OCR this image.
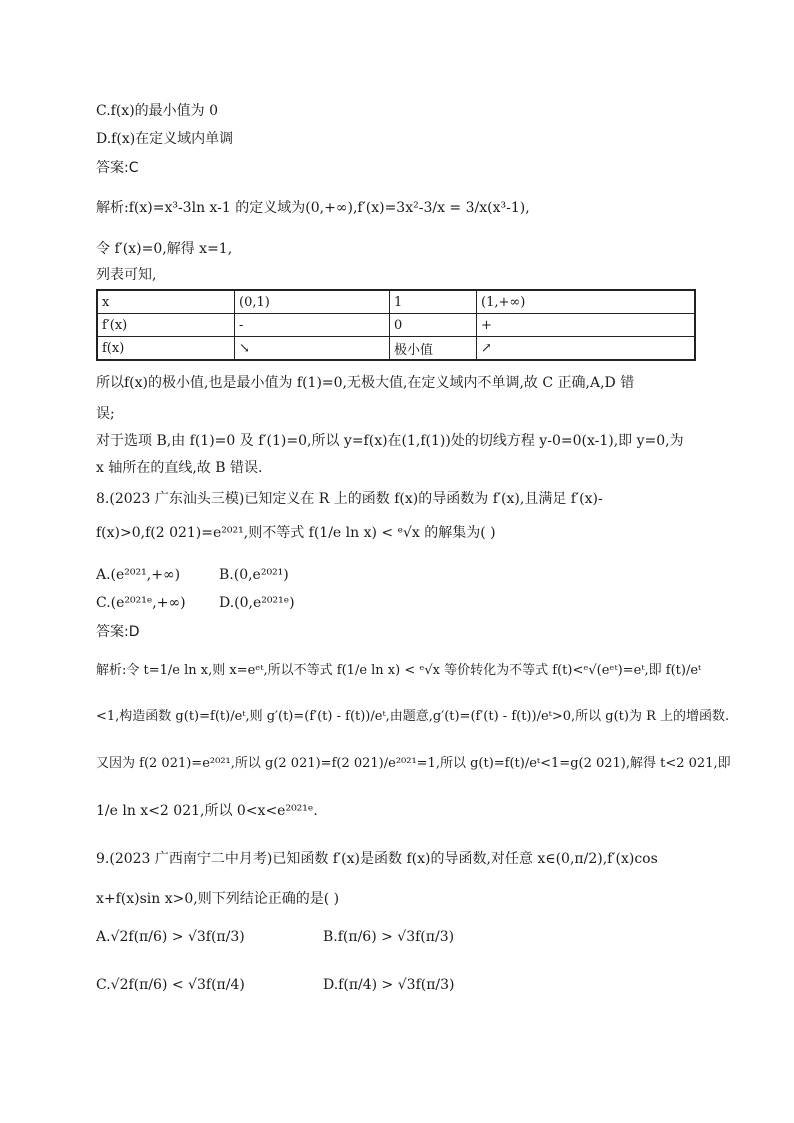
C.f(x)的最小值为 0
D.f(x)在定义域内单调
答案:C
解析:f(x)=x³-3ln x-1 的定义域为(0,+∞),f′(x)=3x²-3/x = 3/x(x³-1),
令 f′(x)=0,解得 x=1,
列表可知,
x	(0,1)	1	(1,+∞)
f′(x)	-	0	+
f(x)	↘	极小值	↗
所以f(x)的极小值,也是最小值为 f(1)=0,无极大值,在定义域内不单调,故 C 正确,A,D 错
误;
对于选项 B,由 f(1)=0 及 f′(1)=0,所以 y=f(x)在(1,f(1))处的切线方程 y-0=0(x-1),即 y=0,为
x 轴所在的直线,故 B 错误.
8.(2023 广东汕头三模)已知定义在 R 上的函数 f(x)的导函数为 f′(x),且满足 f′(x)-
f(x)>0,f(2 021)=e²⁰²¹,则不等式 f(1/e ln x) < ᵉ√x 的解集为( )
A.(e²⁰²¹,+∞)	B.(0,e²⁰²¹)
C.(e²⁰²¹ᵉ,+∞) D.(0,e²⁰²¹ᵉ)
答案:D
解析:令 t=1/e ln x,则 x=eᵉᵗ,所以不等式 f(1/e ln x) < ᵉ√x 等价转化为不等式 f(t)<ᵉ√(eᵉᵗ)=eᵗ,即 f(t)/eᵗ
<1,构造函数 g(t)=f(t)/eᵗ,则 g′(t)=(f′(t) - f(t))/eᵗ,由题意,g′(t)=(f′(t) - f(t))/eᵗ>0,所以 g(t)为 R 上的增函数.
又因为 f(2 021)=e²⁰²¹,所以 g(2 021)=f(2 021)/e²⁰²¹=1,所以 g(t)=f(t)/eᵗ<1=g(2 021),解得 t<2 021,即
1/e ln x<2 021,所以 0<x<e²⁰²¹ᵉ.
9.(2023 广西南宁二中月考)已知函数 f′(x)是函数 f(x)的导函数,对任意 x∈(0,π/2),f′(x)cos
x+f(x)sin x>0,则下列结论正确的是( )
A.√2f(π/6) > √3f(π/3)	B.f(π/6) > √3f(π/3)
C.√2f(π/6) < √3f(π/4)	D.f(π/4) > √3f(π/3)
